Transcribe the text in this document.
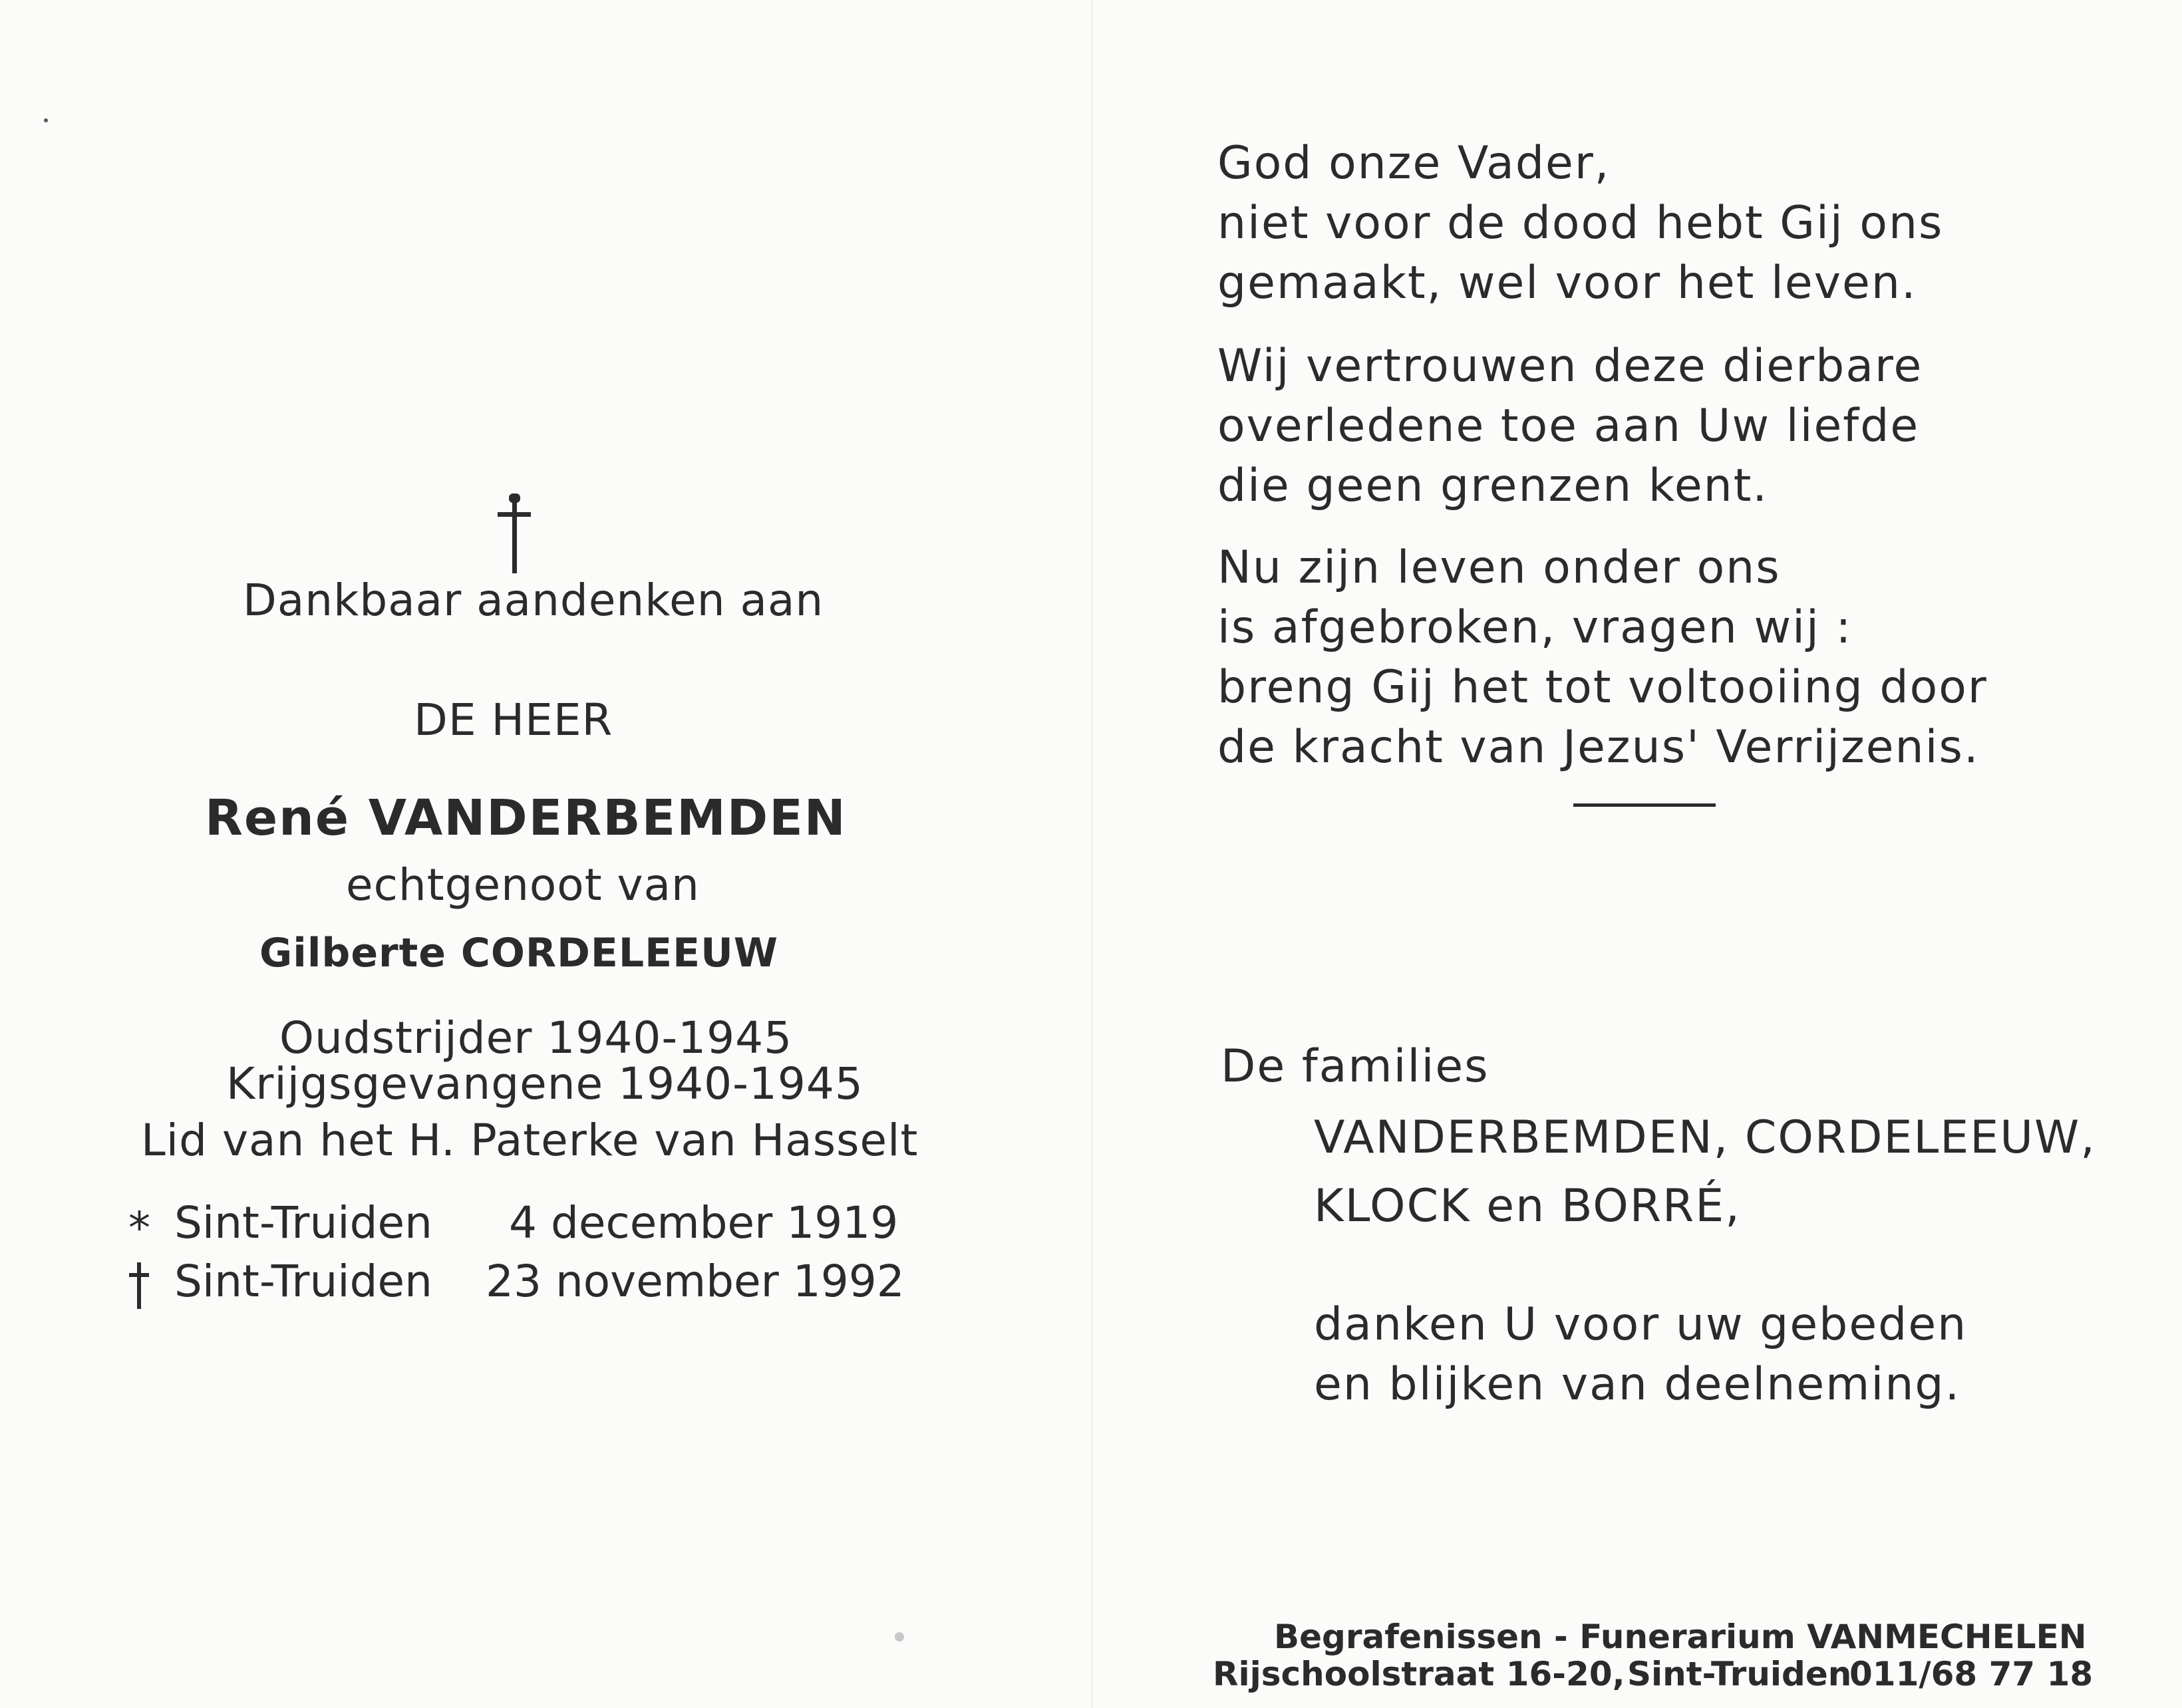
Dankbaar aandenken aan

DE HEER

René VANDERBEMDEN

echtgenoot van

Gilberte CORDELEEUW

Oudstrijder 1940-1945

Krijgsgevangene 1940-1945

Lid van het H. Paterke van Hasselt

* Sint-Truiden 4 december 1919

Sint-Truiden 23 november 1992

God onze Vader,

niet voor de dood hebt Gij ons

gemaakt, wel voor het leven.

Wij vertrouwen deze dierbare

overledene toe aan Uw liefde

die geen grenzen kent.

Nu zijn leven onder ons

is afgebroken, vragen wij :

breng Gij het tot voltooiing door

de kracht van Jezus' Verrijzenis.

De families

VANDERBEMDEN, CORDELEEUW,

KLOCK en BORRÉ,

danken U voor uw gebeden

en blijken van deelneming.

Begrafenissen - Funerarium VANMECHELEN

Rijschoolstraat 16-20, Sint-Truiden

011/68 77 18
